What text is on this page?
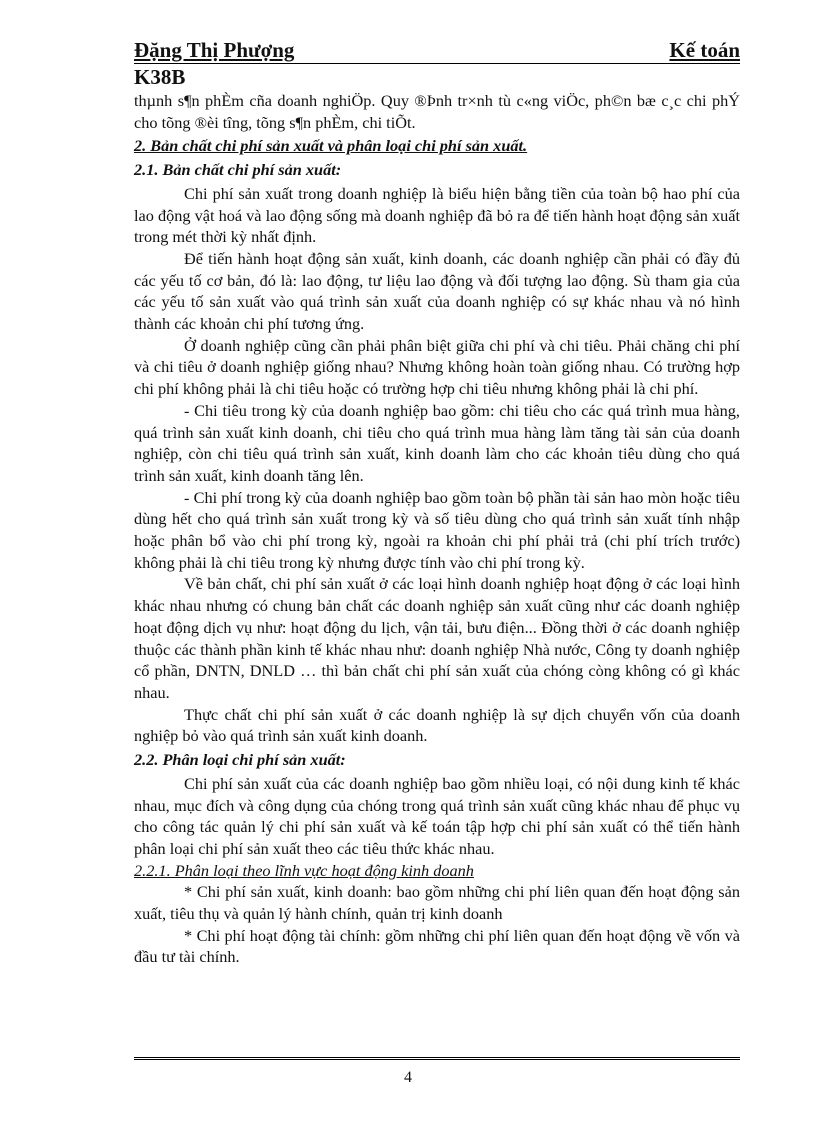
Đặng Thị Phượng	Kế toán
K38B

thµnh s¶n phÈm cña doanh nghiÖp. Quy ®Þnh tr×nh tù c«ng viÖc, ph©n bæ c¸c chi phÝ cho tõng ®èi tîng, tõng s¶n phÈm, chi tiÕt.

2. Bản chất chi phí sản xuất và phân loại chi phí sản xuất.
2.1. Bản chất chi phí sản xuất:

Chi phí sản xuất trong doanh nghiệp là biểu hiện bằng tiền của toàn bộ hao phí của lao động vật hoá và lao động sống mà doanh nghiệp đã bỏ ra để tiến hành hoạt động sản xuất trong mét thời kỳ nhất định.

Để tiến hành hoạt động sản xuất, kinh doanh, các doanh nghiệp cần phải có đầy đủ các yếu tố cơ bản, đó là: lao động, tư liệu lao động và đối tượng lao động. Sù tham gia của các yếu tố sản xuất vào quá trình sản xuất của doanh nghiệp có sự khác nhau và nó hình thành các khoản chi phí tương ứng.

Ở doanh nghiệp cũng cần phải phân biệt giữa chi phí và chi tiêu. Phải chăng chi phí và chi tiêu ở doanh nghiệp giống nhau? Nhưng không hoàn toàn giống nhau. Có trường hợp chi phí không phải là chi tiêu hoặc có trường hợp chi tiêu nhưng không phải là chi phí.

- Chi tiêu trong kỳ của doanh nghiệp bao gồm: chi tiêu cho các quá trình mua hàng, quá trình sản xuất kinh doanh, chi tiêu cho quá trình mua hàng làm tăng tài sản của doanh nghiệp, còn chi tiêu quá trình sản xuất, kinh doanh làm cho các khoản tiêu dùng cho quá trình sản xuất, kinh doanh tăng lên.

- Chi phí trong kỳ của doanh nghiệp bao gồm toàn bộ phần tài sản hao mòn hoặc tiêu dùng hết cho quá trình sản xuất trong kỳ và số tiêu dùng cho quá trình sản xuất tính nhập hoặc phân bổ vào chi phí trong kỳ, ngoài ra khoản chi phí phải trả (chi phí trích trước) không phải là chi tiêu trong kỳ nhưng được tính vào chi phí trong kỳ.

Về bản chất, chi phí sản xuất ở các loại hình doanh nghiệp hoạt động ở các loại hình khác nhau nhưng có chung bản chất các doanh nghiệp sản xuất cũng như các doanh nghiệp hoạt động dịch vụ như: hoạt động du lịch, vận tải, bưu điện... Đồng thời ở các doanh nghiệp thuộc các thành phần kinh tế khác nhau như: doanh nghiệp Nhà nước, Công ty doanh nghiệp cổ phần, DNTN, DNLD … thì bản chất chi phí sản xuất của chóng còng không có gì khác nhau.

Thực chất chi phí sản xuất ở các doanh nghiệp là sự dịch chuyển vốn của doanh nghiệp bỏ vào quá trình sản xuất kinh doanh.

2.2. Phân loại chi phí sản xuất:

Chi phí sản xuất của các doanh nghiệp bao gồm nhiều loại, có nội dung kinh tế khác nhau, mục đích và công dụng của chóng trong quá trình sản xuất cũng khác nhau để phục vụ cho công tác quản lý chi phí sản xuất và kế toán tập hợp chi phí sản xuất có thể tiến hành phân loại chi phí sản xuất theo các tiêu thức khác nhau.

2.2.1. Phân loại theo lĩnh vực hoạt động kinh doanh

* Chi phí sản xuất, kinh doanh: bao gồm những chi phí liên quan đến hoạt động sản xuất, tiêu thụ và quản lý hành chính, quản trị kinh doanh

* Chi phí hoạt động tài chính: gồm những chi phí liên quan đến hoạt động về vốn và đầu tư tài chính.

4
